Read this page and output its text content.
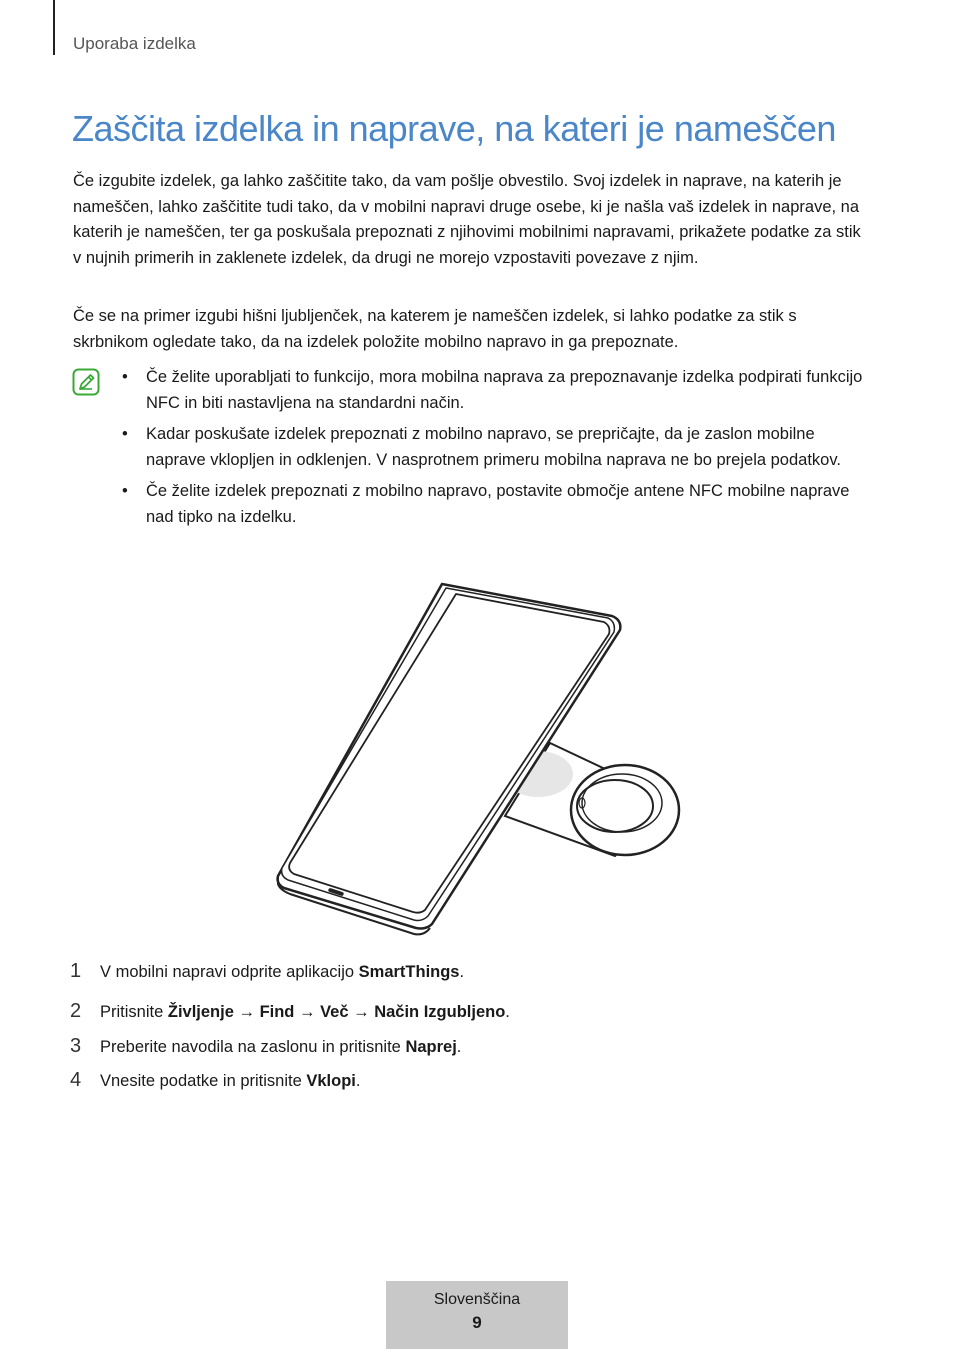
Uporaba izdelka
Zaščita izdelka in naprave, na kateri je nameščen

Če izgubite izdelek, ga lahko zaščitite tako, da vam pošlje obvestilo. Svoj izdelek in naprave, na katerih je nameščen, lahko zaščitite tudi tako, da v mobilni napravi druge osebe, ki je našla vaš izdelek in naprave, na katerih je nameščen, ter ga poskušala prepoznati z njihovimi mobilnimi napravami, prikažete podatke za stik v nujnih primerih in zaklenete izdelek, da drugi ne morejo vzpostaviti povezave z njim.

Če se na primer izgubi hišni ljubljenček, na katerem je nameščen izdelek, si lahko podatke za stik s skrbnikom ogledate tako, da na izdelek položite mobilno napravo in ga prepoznate.

• Če želite uporabljati to funkcijo, mora mobilna naprava za prepoznavanje izdelka podpirati funkcijo NFC in biti nastavljena na standardni način.
• Kadar poskušate izdelek prepoznati z mobilno napravo, se prepričajte, da je zaslon mobilne naprave vklopljen in odklenjen. V nasprotnem primeru mobilna naprava ne bo prejela podatkov.
• Če želite izdelek prepoznati z mobilno napravo, postavite območje antene NFC mobilne naprave nad tipko na izdelku.
1 V mobilni napravi odprite aplikacijo SmartThings.
2 Pritisnite Življenje → Find → Več → Način Izgubljeno.
3 Preberite navodila na zaslonu in pritisnite Naprej.
4 Vnesite podatke in pritisnite Vklopi.
Slovenščina
9
